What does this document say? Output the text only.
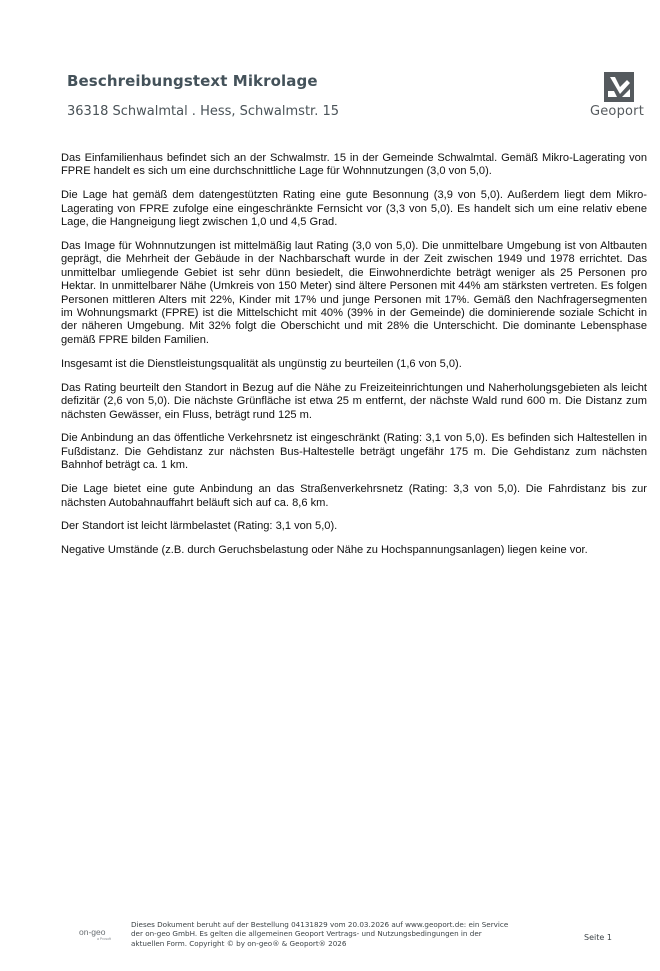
Beschreibungstext Mikrolage
36318 Schwalmtal . Hess, Schwalmstr. 15	Geoport

Das Einfamilienhaus befindet sich an der Schwalmstr. 15 in der Gemeinde Schwalmtal. Gemäß Mikro-Lagerating von FPRE handelt es sich um eine durchschnittliche Lage für Wohnnutzungen (3,0 von 5,0).

Die Lage hat gemäß dem datengestützten Rating eine gute Besonnung (3,9 von 5,0). Außerdem liegt dem Mikro-Lagerating von FPRE zufolge eine eingeschränkte Fernsicht vor (3,3 von 5,0). Es handelt sich um eine relativ ebene Lage, die Hangneigung liegt zwischen 1,0 und 4,5 Grad.

Das Image für Wohnnutzungen ist mittelmäßig laut Rating (3,0 von 5,0). Die unmittelbare Umgebung ist von Altbauten geprägt, die Mehrheit der Gebäude in der Nachbarschaft wurde in der Zeit zwischen 1949 und 1978 errichtet. Das unmittelbar umliegende Gebiet ist sehr dünn besiedelt, die Einwohnerdichte beträgt weniger als 25 Personen pro Hektar. In unmittelbarer Nähe (Umkreis von 150 Meter) sind ältere Personen mit 44% am stärksten vertreten. Es folgen Personen mittleren Alters mit 22%, Kinder mit 17% und junge Personen mit 17%. Gemäß den Nachfragersegmenten im Wohnungsmarkt (FPRE) ist die Mittelschicht mit 40% (39% in der Gemeinde) die dominierende soziale Schicht in der näheren Umgebung. Mit 32% folgt die Oberschicht und mit 28% die Unterschicht. Die dominante Lebensphase gemäß FPRE bilden Familien.

Insgesamt ist die Dienstleistungsqualität als ungünstig zu beurteilen (1,6 von 5,0).

Das Rating beurteilt den Standort in Bezug auf die Nähe zu Freizeiteinrichtungen und Naherholungsgebieten als leicht defizitär (2,6 von 5,0). Die nächste Grünfläche ist etwa 25 m entfernt, der nächste Wald rund 600 m. Die Distanz zum nächsten Gewässer, ein Fluss, beträgt rund 125 m.

Die Anbindung an das öffentliche Verkehrsnetz ist eingeschränkt (Rating: 3,1 von 5,0). Es befinden sich Haltestellen in Fußdistanz. Die Gehdistanz zur nächsten Bus-Haltestelle beträgt ungefähr 175 m. Die Gehdistanz zum nächsten Bahnhof beträgt ca. 1 km.

Die Lage bietet eine gute Anbindung an das Straßenverkehrsnetz (Rating: 3,3 von 5,0). Die Fahrdistanz bis zur nächsten Autobahnauffahrt beläuft sich auf ca. 8,6 km.

Der Standort ist leicht lärmbelastet (Rating: 3,1 von 5,0).

Negative Umstände (z.B. durch Geruchsbelastung oder Nähe zu Hochspannungsanlagen) liegen keine vor.

on-geo
a Prosoft
Dieses Dokument beruht auf der Bestellung 04131829 vom 20.03.2026 auf www.geoport.de: ein Service
der on-geo GmbH. Es gelten die allgemeinen Geoport Vertrags- und Nutzungsbedingungen in der
aktuellen Form. Copyright © by on-geo® & Geoport® 2026
Seite 1
